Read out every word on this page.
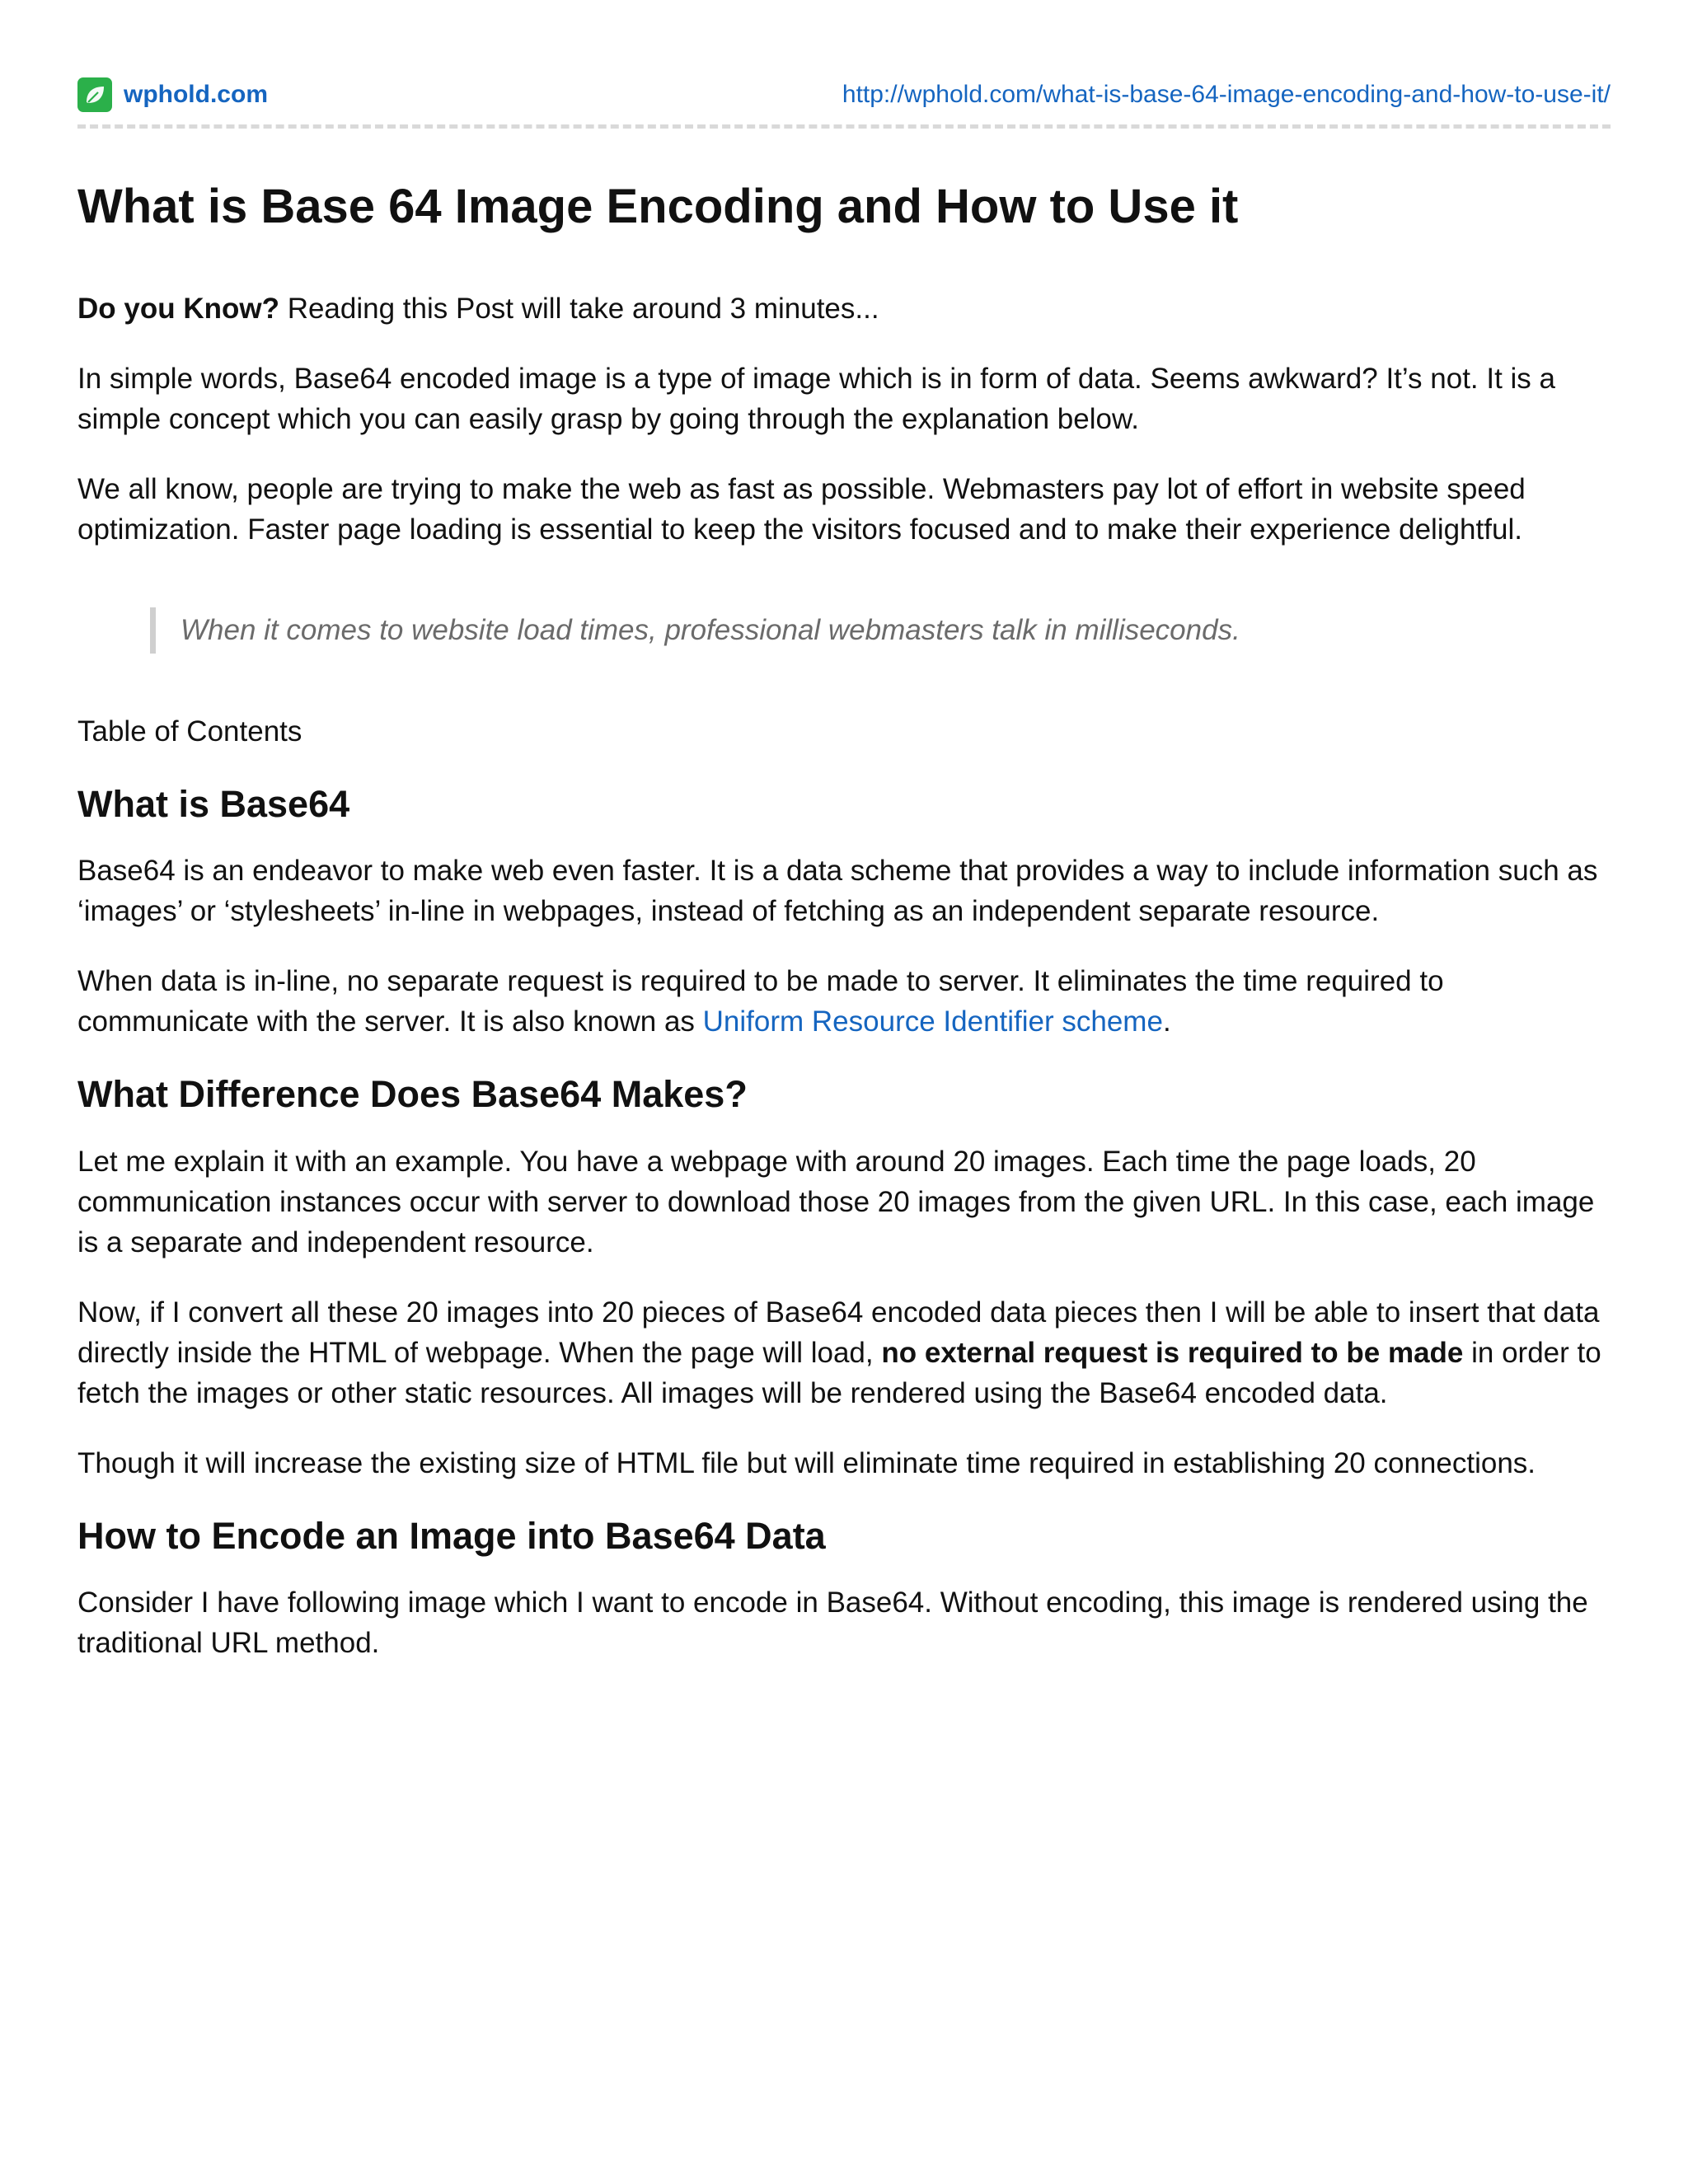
wphold.com	http://wphold.com/what-is-base-64-image-encoding-and-how-to-use-it/
What is Base 64 Image Encoding and How to Use it

Do you Know? Reading this Post will take around 3 minutes...

In simple words, Base64 encoded image is a type of image which is in form of data. Seems awkward? It’s not. It is a simple concept which you can easily grasp by going through the explanation below.

We all know, people are trying to make the web as fast as possible. Webmasters pay lot of effort in website speed optimization. Faster page loading is essential to keep the visitors focused and to make their experience delightful.

When it comes to website load times, professional webmasters talk in milliseconds.

Table of Contents

What is Base64

Base64 is an endeavor to make web even faster. It is a data scheme that provides a way to include information such as ‘images’ or ‘stylesheets’ in-line in webpages, instead of fetching as an independent separate resource.

When data is in-line, no separate request is required to be made to server. It eliminates the time required to communicate with the server. It is also known as Uniform Resource Identifier scheme.

What Difference Does Base64 Makes?

Let me explain it with an example. You have a webpage with around 20 images. Each time the page loads, 20 communication instances occur with server to download those 20 images from the given URL. In this case, each image is a separate and independent resource.

Now, if I convert all these 20 images into 20 pieces of Base64 encoded data pieces then I will be able to insert that data directly inside the HTML of webpage. When the page will load, no external request is required to be made in order to fetch the images or other static resources. All images will be rendered using the Base64 encoded data.

Though it will increase the existing size of HTML file but will eliminate time required in establishing 20 connections.

How to Encode an Image into Base64 Data

Consider I have following image which I want to encode in Base64. Without encoding, this image is rendered using the traditional URL method.
